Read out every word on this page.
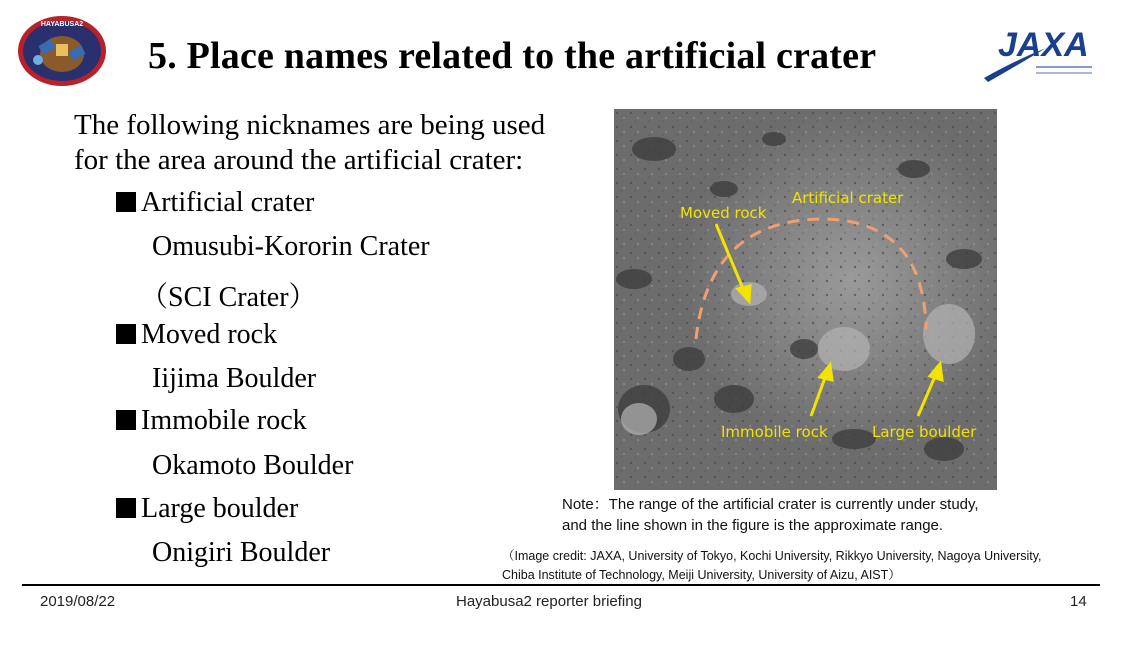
HAYABUSA2
JAXA
5. Place names related to the artificial crater
The following nicknames are being used
for the area around the artificial crater:
Artificial crater
Omusubi-Kororin Crater
（SCI Crater）
Moved rock
Iijima Boulder
Immobile rock
Okamoto Boulder
Large boulder
Onigiri Boulder
Artificial crater
Moved rock
Immobile rock	Large boulder
Note：The range of the artificial crater is currently under study,
and the line shown in the figure is the approximate range.
（Image credit: JAXA, University of Tokyo, Kochi University, Rikkyo University, Nagoya University,
Chiba Institute of Technology, Meiji University, University of Aizu, AIST）
2019/08/22	Hayabusa2 reporter briefing	14
